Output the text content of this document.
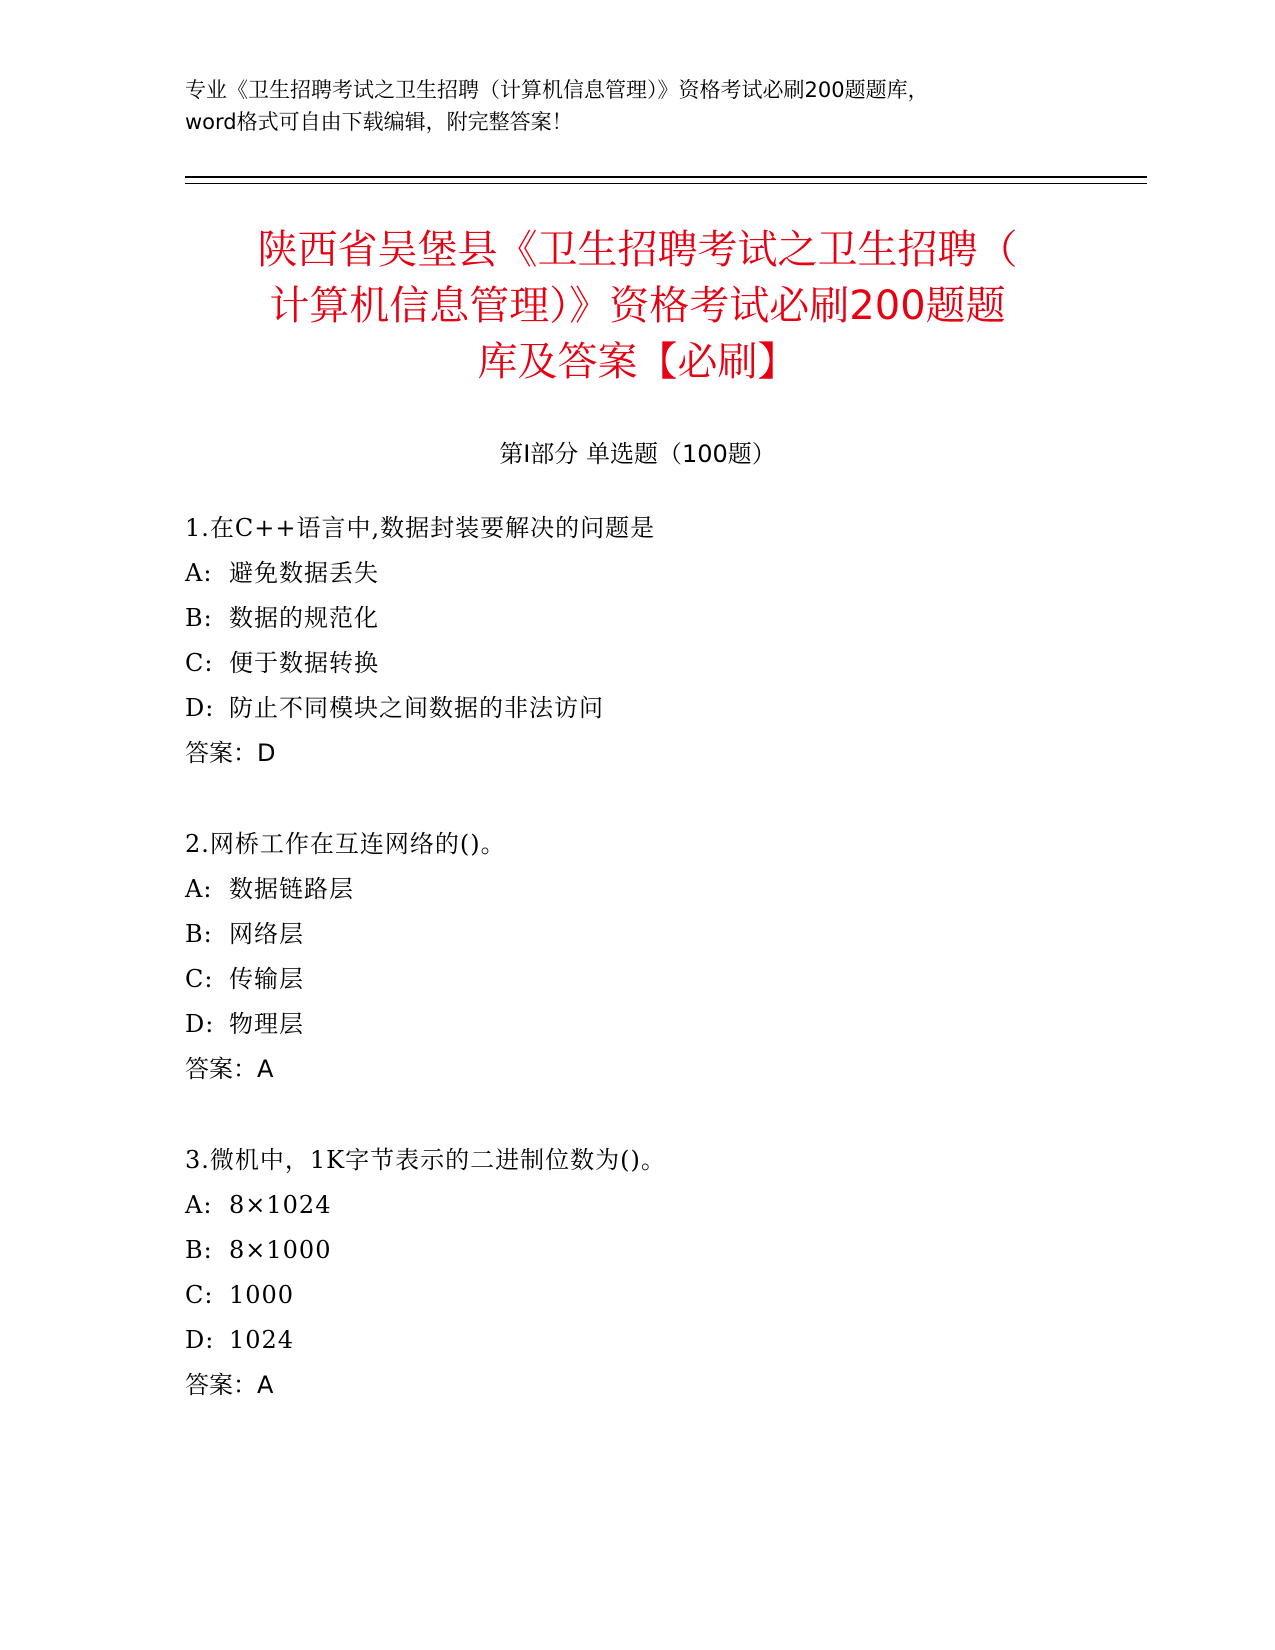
专业《卫生招聘考试之卫生招聘（计算机信息管理）》资格考试必刷200题题库，
word格式可自由下载编辑，附完整答案！
陕西省吴堡县《卫生招聘考试之卫生招聘（
计算机信息管理）》资格考试必刷200题题
库及答案【必刷】
第I部分 单选题（100题）
1.在C++语言中,数据封装要解决的问题是
A: 避免数据丢失
B: 数据的规范化
C: 便于数据转换
D: 防止不同模块之间数据的非法访问
答案：D
2.网桥工作在互连网络的()。
A: 数据链路层
B: 网络层
C: 传输层
D: 物理层
答案：A
3.微机中，1K字节表示的二进制位数为()。
A: 8×1024
B: 8×1000
C: 1000
D: 1024
答案：A
